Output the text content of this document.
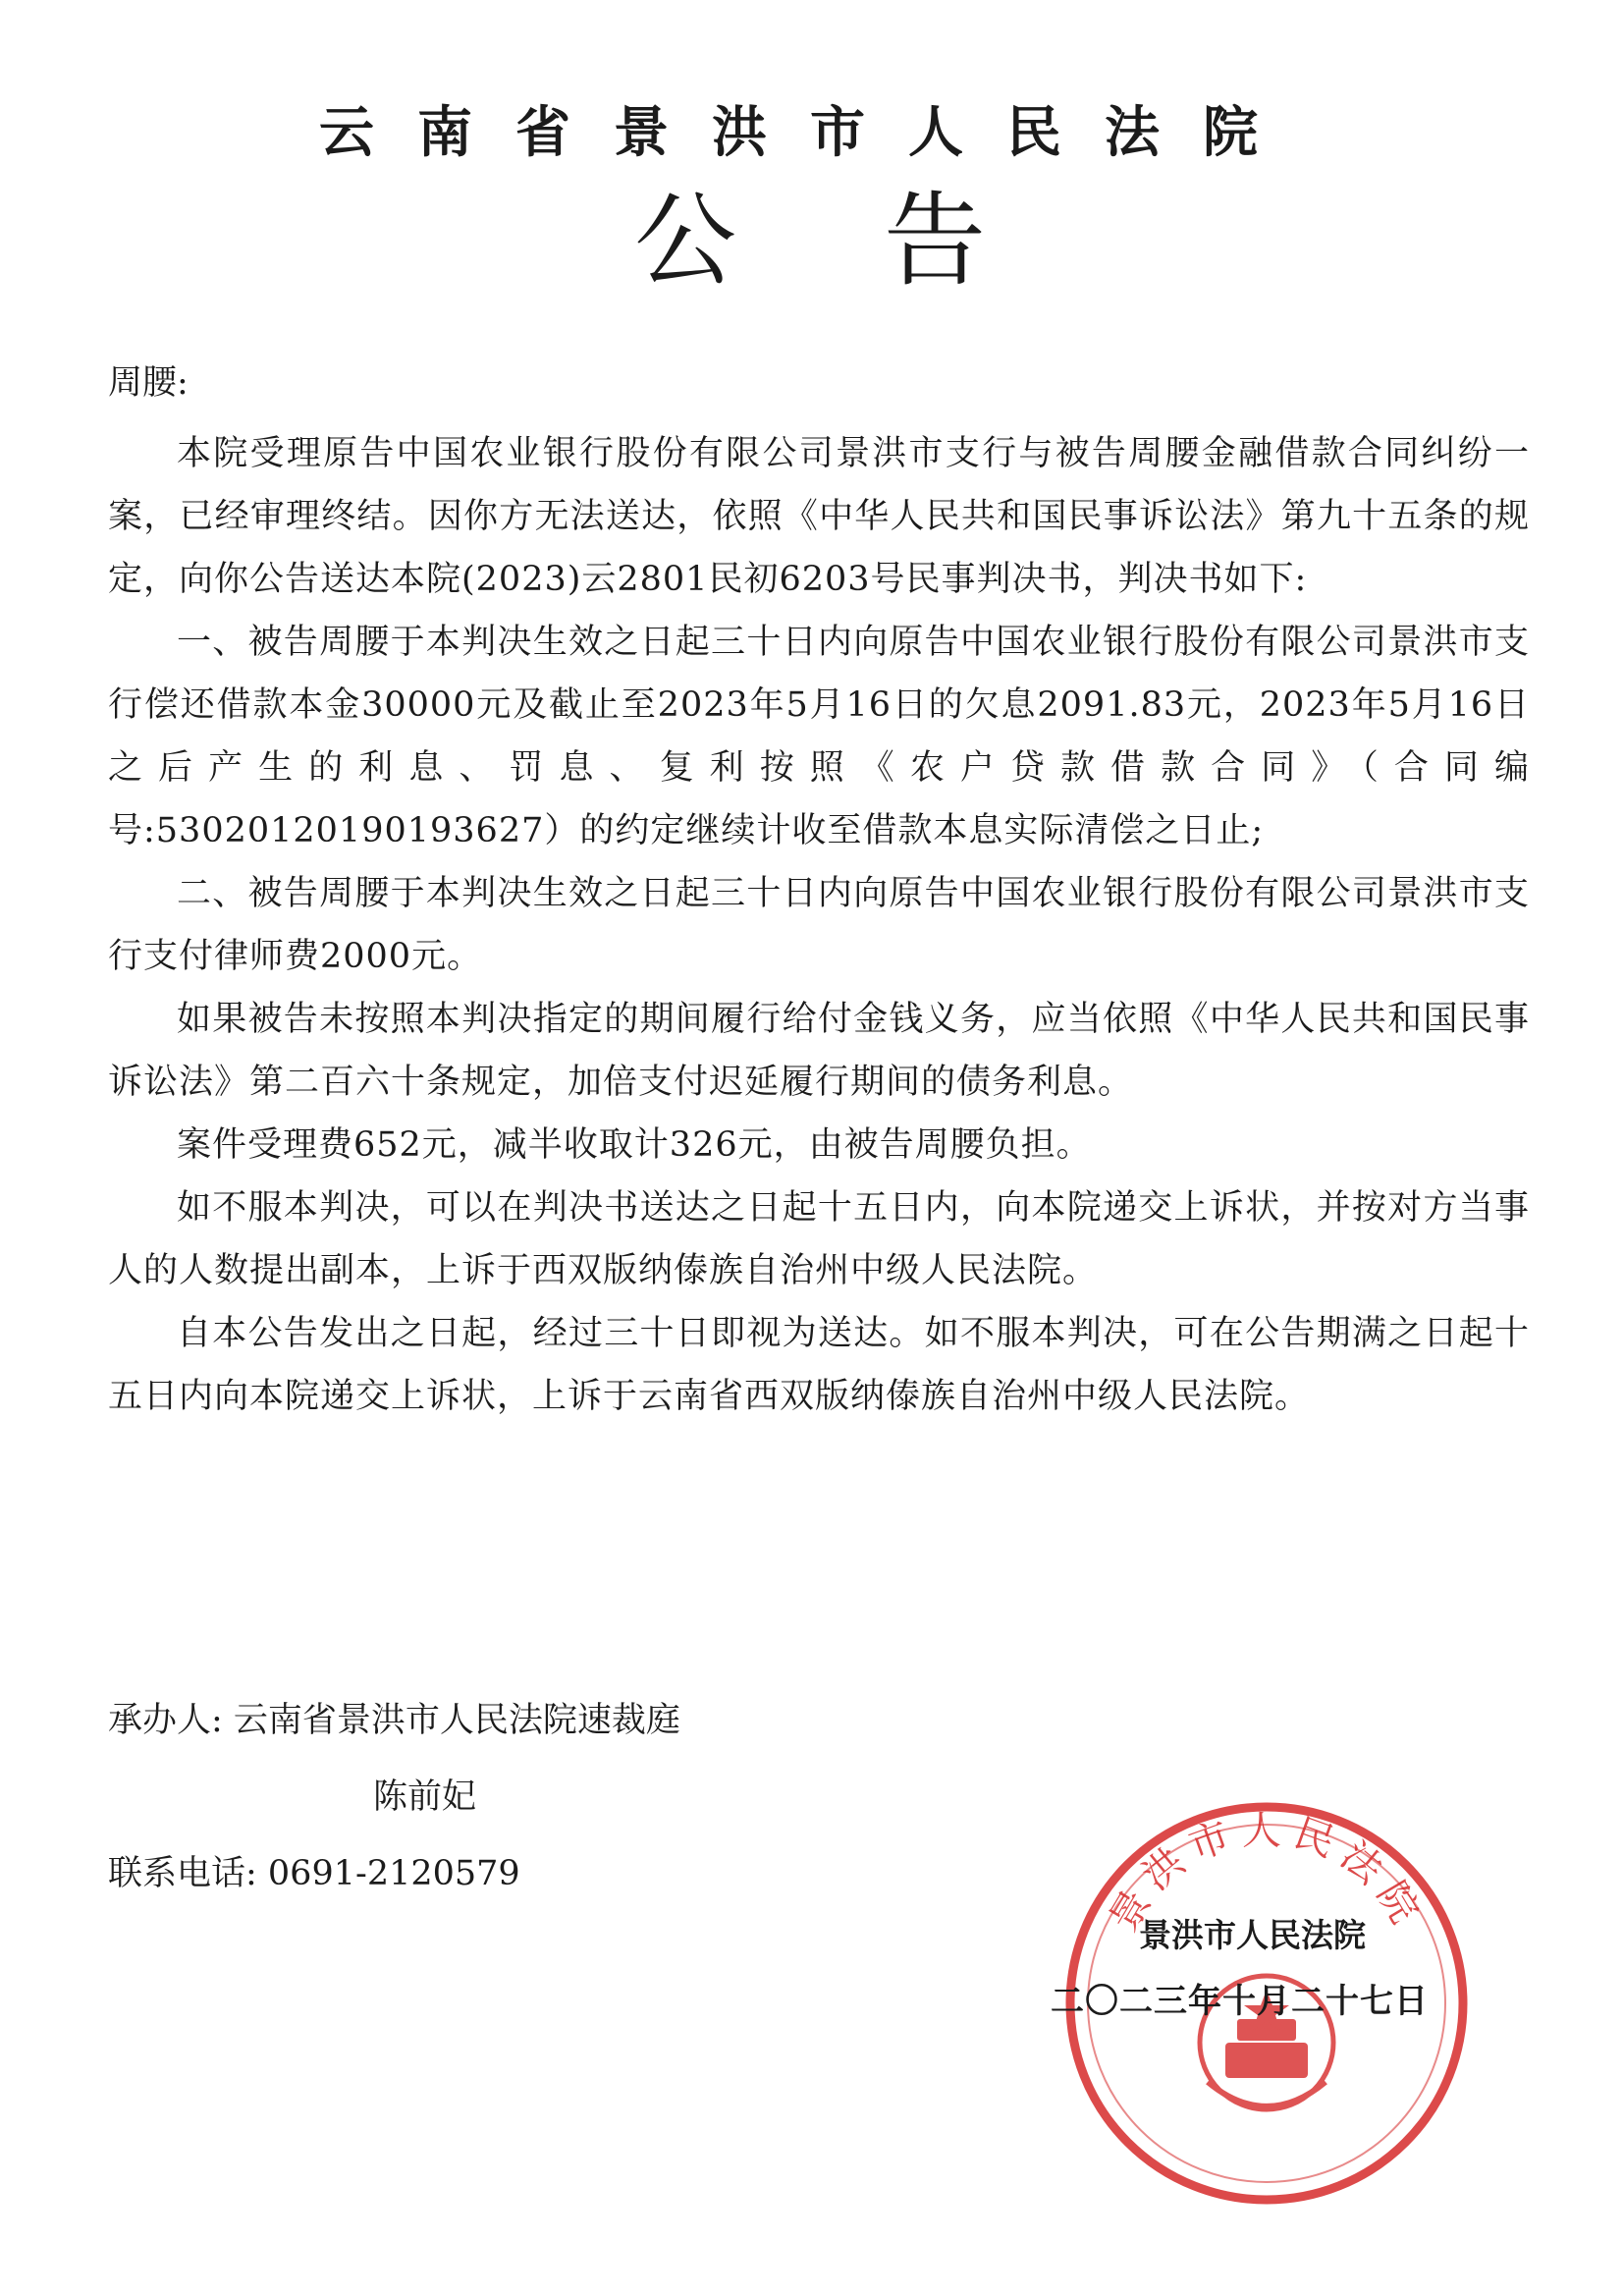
云南省景洪市人民法院
公告
周腰:

本院受理原告中国农业银行股份有限公司景洪市支行与被告周腰金融借款合同纠纷一案，已经审理终结。因你方无法送达，依照《中华人民共和国民事诉讼法》第九十五条的规定，向你公告送达本院(2023)云2801民初6203号民事判决书，判决书如下:

一、被告周腰于本判决生效之日起三十日内向原告中国农业银行股份有限公司景洪市支行偿还借款本金30000元及截止至2023年5月16日的欠息2091.83元，2023年5月16日之后产生的利息、罚息、复利按照《农户贷款借款合同》（合同编号:53020120190193627）的约定继续计收至借款本息实际清偿之日止;

二、被告周腰于本判决生效之日起三十日内向原告中国农业银行股份有限公司景洪市支行支付律师费2000元。

如果被告未按照本判决指定的期间履行给付金钱义务，应当依照《中华人民共和国民事诉讼法》第二百六十条规定，加倍支付迟延履行期间的债务利息。

案件受理费652元，减半收取计326元，由被告周腰负担。

如不服本判决，可以在判决书送达之日起十五日内，向本院递交上诉状，并按对方当事人的人数提出副本，上诉于西双版纳傣族自治州中级人民法院。

自本公告发出之日起，经过三十日即视为送达。如不服本判决，可在公告期满之日起十五日内向本院递交上诉状，上诉于云南省西双版纳傣族自治州中级人民法院。

承办人: 云南省景洪市人民法院速裁庭
陈前妃
联系电话: 0691-2120579
景洪市人民法院
景洪市人民法院
二〇二三年十月二十七日
